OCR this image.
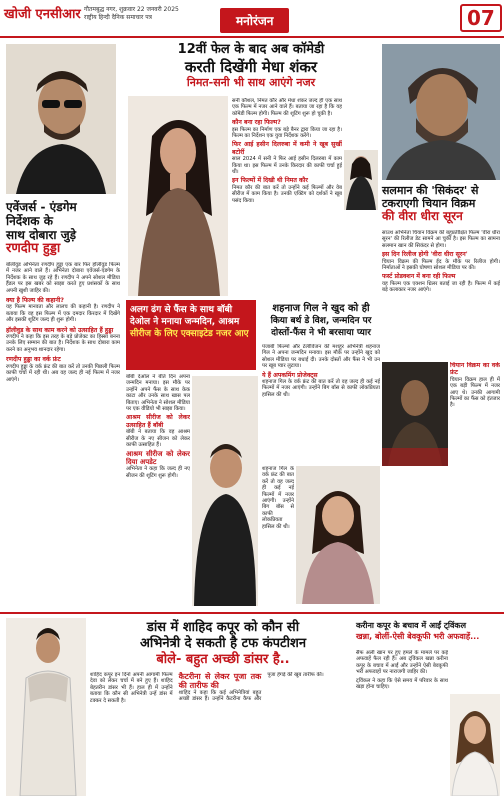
खोजी एनसीआर गौतमबुद्ध नगर, शुक्रवार 22 जनवरी 2025
राष्ट्रीय हिन्दी दैनिक समाचार पत्र	मनोरंजन	07
एवेंजर्स - एंडगेम
निर्देशक के
साथ दोबारा जुड़े
रणदीप हुड्डा

बॉलीवुड अभिनेता रणदीप हुड्डा एक बार फिर हॉलीवुड फिल्म में नजर आने वाले हैं। अभिनेता दोबारा एवेंजर्स-एंडगेम के निर्देशक के साथ जुड़ रहे हैं। रणदीप ने अपने सोशल मीडिया हैंडल पर इस खबर को साझा करते हुए प्रशंसकों के साथ अपनी खुशी जाहिर की।

क्या है फिल्म की कहानी?

यह फिल्म मानवता और लालच की कहानी है। रणदीप ने बताया कि वह इस फिल्म में एक दमदार किरदार में दिखेंगे और इसकी शूटिंग जल्द ही शुरू होगी।

हॉलीवुड के साथ काम करने को उत्साहित हैं हुड्डा

रणदीप ने कहा कि इस तरह के बड़े प्रोजेक्ट का हिस्सा बनना उनके लिए सम्मान की बात है। निर्देशक के साथ दोबारा काम करने का अनुभव शानदार रहेगा।

रणदीप हुड्डा का वर्क फ्रंट

रणदीप हुड्डा के वर्क फ्रंट की बात करें तो उनकी पिछली फिल्म काफी चर्चा में रही थी। अब वह जल्द ही नई फिल्म में नजर आएंगे।

12वीं फेल के बाद अब कॉमेडी
करती दिखेंगी मेधा शंकर
निमत-सनी भी साथ आएंगे नजर

सनी कौशल, निमत कौर और मेधा शंकर जल्द ही एक साथ एक फिल्म में नजर आने वाले हैं। बताया जा रहा है कि यह कॉमेडी फिल्म होगी। फिल्म की शूटिंग शुरू हो चुकी है।

कौन बना रहा फिल्म?

इस फिल्म का निर्माण एक बड़े बैनर द्वारा किया जा रहा है। फिल्म का निर्देशन एक युवा निर्देशक करेंगे।

फिर आई हसीन दिलरुबा में कमी ने खूब सुर्खी बटोरीं

साल 2024 में सनी ने फिर आई हसीन दिलरुबा में काम किया था। इस फिल्म में उनके किरदार की काफी चर्चा हुई थी।

इन फिल्मों में दिखी थी निमत कौर

निमत कौर की बात करें तो उन्होंने कई फिल्मों और वेब सीरीज में काम किया है। उनकी एक्टिंग को दर्शकों ने खूब पसंद किया।

सलमान की 'सिकंदर' से
टकराएगी चियान विक्रम
की वीरा धीरा सूरन

साउथ अभिनेता चियान विक्रम की बहुप्रतीक्षित फिल्म 'वीरा धीरा सूरन' की रिलीज डेट सामने आ चुकी है। इस फिल्म का सामना सलमान खान की सिकंदर से होगा।

इस दिन रिलीज होगी 'वीरा धीरा सूरन'

चियान विक्रम की फिल्म ईद के मौके पर रिलीज होगी। निर्माताओं ने इसकी घोषणा सोशल मीडिया पर की।

फर्स्ट प्रोडक्शन में बना रही फिल्म

यह फिल्म एक एक्शन थ्रिलर बताई जा रही है। फिल्म में कई बड़े कलाकार नजर आएंगे।

चियान विक्रम का वर्क फ्रंट

चियान विक्रम हाल ही में एक बड़ी फिल्म में नजर आए थे। उनकी आगामी फिल्मों का फैंस को इंतजार है।

अलग ढंग से फैंस के साथ बॉबी
देओल ने मनाया जन्मदिन, आश्रम
सीरीज के लिए एक्साइटेड नजर आए

बॉबी देओल ने बीते दिन अपना जन्मदिन मनाया। इस मौके पर उन्होंने अपने फैंस के साथ केक काटा और उनके साथ खास पल बिताए। अभिनेता ने सोशल मीडिया पर एक वीडियो भी साझा किया।

आश्रम सीरीज को लेकर उत्साहित हैं बॉबी

बॉबी ने बताया कि वह आश्रम सीरीज के नए सीजन को लेकर काफी उत्साहित हैं।

आश्रम सीरीज को लेकर दिया अपडेट

अभिनेता ने कहा कि जल्द ही नए सीजन की शूटिंग शुरू होगी।

शहनाज गिल ने खुद को ही
किया बर्थ डे विश, जन्मदिन पर
दोस्तों-फैंस ने भी बरसाया प्यार

पंजाबी फिल्मों और टेलीविजन की मशहूर अभिनेत्री शहनाज गिल ने अपना जन्मदिन मनाया। इस मौके पर उन्होंने खुद को सोशल मीडिया पर बधाई दी। उनके दोस्तों और फैंस ने भी उन पर खूब प्यार लुटाया।

ये हैं अपकमिंग प्रोजेक्ट्स

शहनाज गिल के वर्क फ्रंट की बात करें तो वह जल्द ही कई नई फिल्मों में नजर आएंगी। उन्होंने बिग बॉस से काफी लोकप्रियता हासिल की थी।

शहनाज गिल के वर्क फ्रंट की बात करें तो वह जल्द ही कई नई फिल्मों में नजर आएंगी। उन्होंने बिग बॉस से काफी लोकप्रियता हासिल की थी।

डांस में शाहिद कपूर को कौन सी
अभिनेत्री दे सकती है टफ कंपटीशन
बोले- बहुत अच्छी डांसर है..

शाहिद कपूर इन दिनों अपनी आगामी फिल्म देवा को लेकर चर्चा में बने हुए हैं। शाहिद बेहतरीन डांसर भी हैं। हाल ही में उन्होंने बताया कि कौन सी अभिनेत्री उन्हें डांस में टक्कर दे सकती है।

कैटरीना से लेकर पूजा तक की तारीफ की

शाहिद ने कहा कि कई अभिनेत्रियां बहुत अच्छी डांसर हैं। उन्होंने कैटरीना कैफ और पूजा हेगड़े की खूब तारीफ की।

करीना कपूर के बचाव में आईं ट्विंकल
खन्ना, बोलीं-ऐसी बेवकूफी भरी अफवाहें...

सैफ अली खान पर हुए हमले के मामले पर कई अफवाहें फैल रही हैं। अब ट्विंकल खन्ना करीना कपूर के बचाव में आईं और उन्होंने ऐसी बेवकूफी भरी अफवाहों पर नाराजगी जाहिर की।

ट्विंकल ने कहा कि ऐसे समय में परिवार के साथ खड़ा होना चाहिए।
